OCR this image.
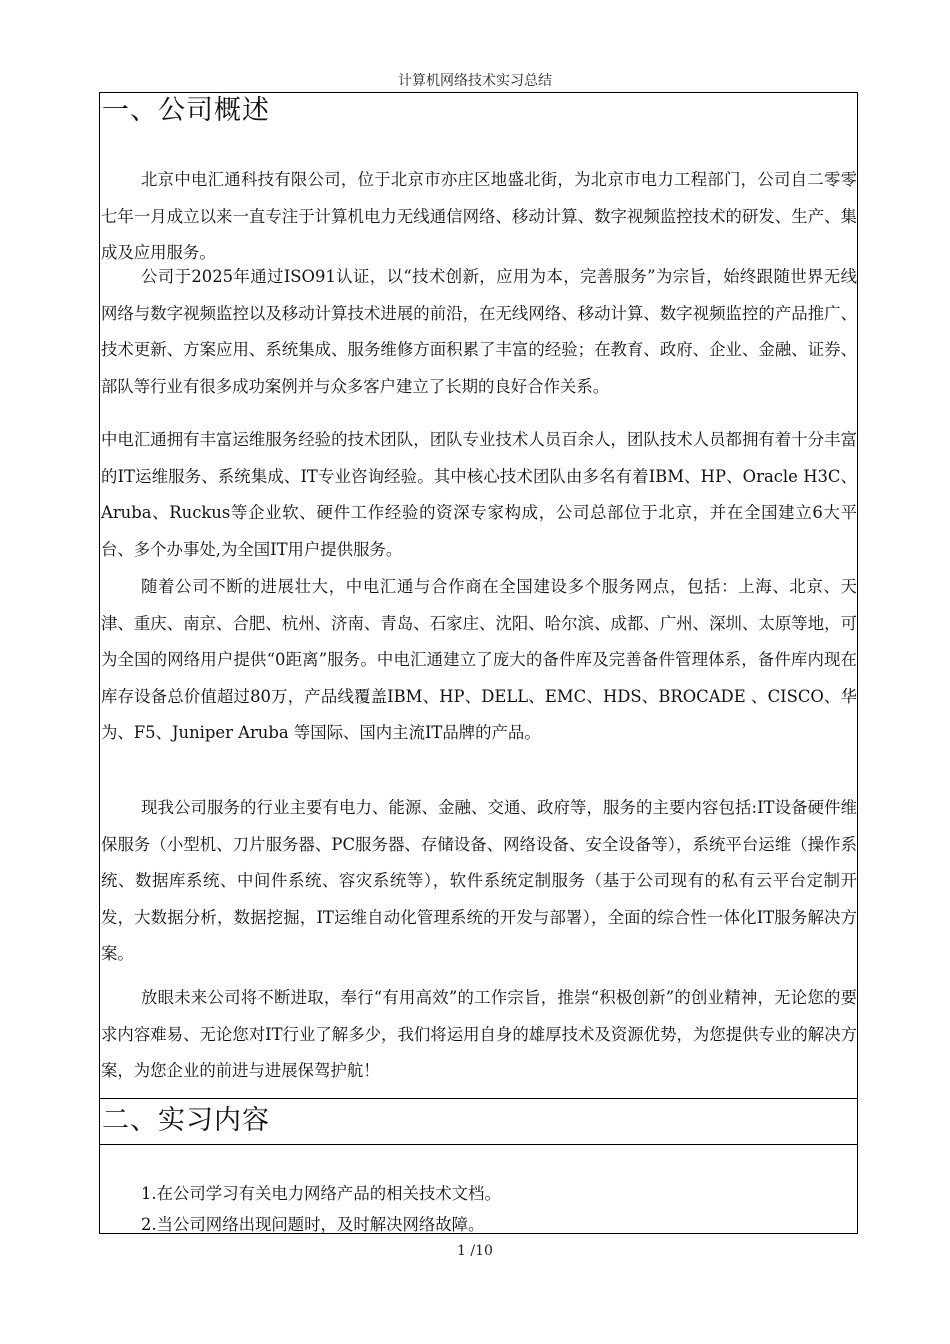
计算机网络技术实习总结
一、公司概述

北京中电汇通科技有限公司，位于北京市亦庄区地盛北街，为北京市电力工程部门，公司自二零零七年一月成立以来一直专注于计算机电力无线通信网络、移动计算、数字视频监控技术的研发、生产、集成及应用服务。

公司于2025年通过ISO91认证，以“技术创新，应用为本，完善服务”为宗旨，始终跟随世界无线网络与数字视频监控以及移动计算技术进展的前沿，在无线网络、移动计算、数字视频监控的产品推广、技术更新、方案应用、系统集成、服务维修方面积累了丰富的经验；在教育、政府、企业、金融、证券、部队等行业有很多成功案例并与众多客户建立了长期的良好合作关系。

中电汇通拥有丰富运维服务经验的技术团队，团队专业技术人员百余人，团队技术人员都拥有着十分丰富的IT运维服务、系统集成、IT专业咨询经验。其中核心技术团队由多名有着IBM、HP、Oracle H3C、Aruba、Ruckus等企业软、硬件工作经验的资深专家构成，公司总部位于北京，并在全国建立6大平台、多个办事处,为全国IT用户提供服务。

随着公司不断的进展壮大，中电汇通与合作商在全国建设多个服务网点，包括：上海、北京、天津、重庆、南京、合肥、杭州、济南、青岛、石家庄、沈阳、哈尔滨、成都、广州、深圳、太原等地，可为全国的网络用户提供“0距离”服务。中电汇通建立了庞大的备件库及完善备件管理体系，备件库内现在库存设备总价值超过80万，产品线覆盖IBM、HP、DELL、EMC、HDS、BROCADE 、CISCO、华为、F5、Juniper Aruba 等国际、国内主流IT品牌的产品。

现我公司服务的行业主要有电力、能源、金融、交通、政府等，服务的主要内容包括:IT设备硬件维保服务（小型机、刀片服务器、PC服务器、存储设备、网络设备、安全设备等），系统平台运维（操作系统、数据库系统、中间件系统、容灾系统等），软件系统定制服务（基于公司现有的私有云平台定制开发，大数据分析，数据挖掘，IT运维自动化管理系统的开发与部署），全面的综合性一体化IT服务解决方案。

放眼未来公司将不断进取，奉行“有用高效”的工作宗旨，推崇“积极创新”的创业精神，无论您的要求内容难易、无论您对IT行业了解多少，我们将运用自身的雄厚技术及资源优势，为您提供专业的解决方案，为您企业的前进与进展保驾护航！

二、实习内容

1.在公司学习有关电力网络产品的相关技术文档。

2.当公司网络出现问题时，及时解决网络故障。

1 /10
